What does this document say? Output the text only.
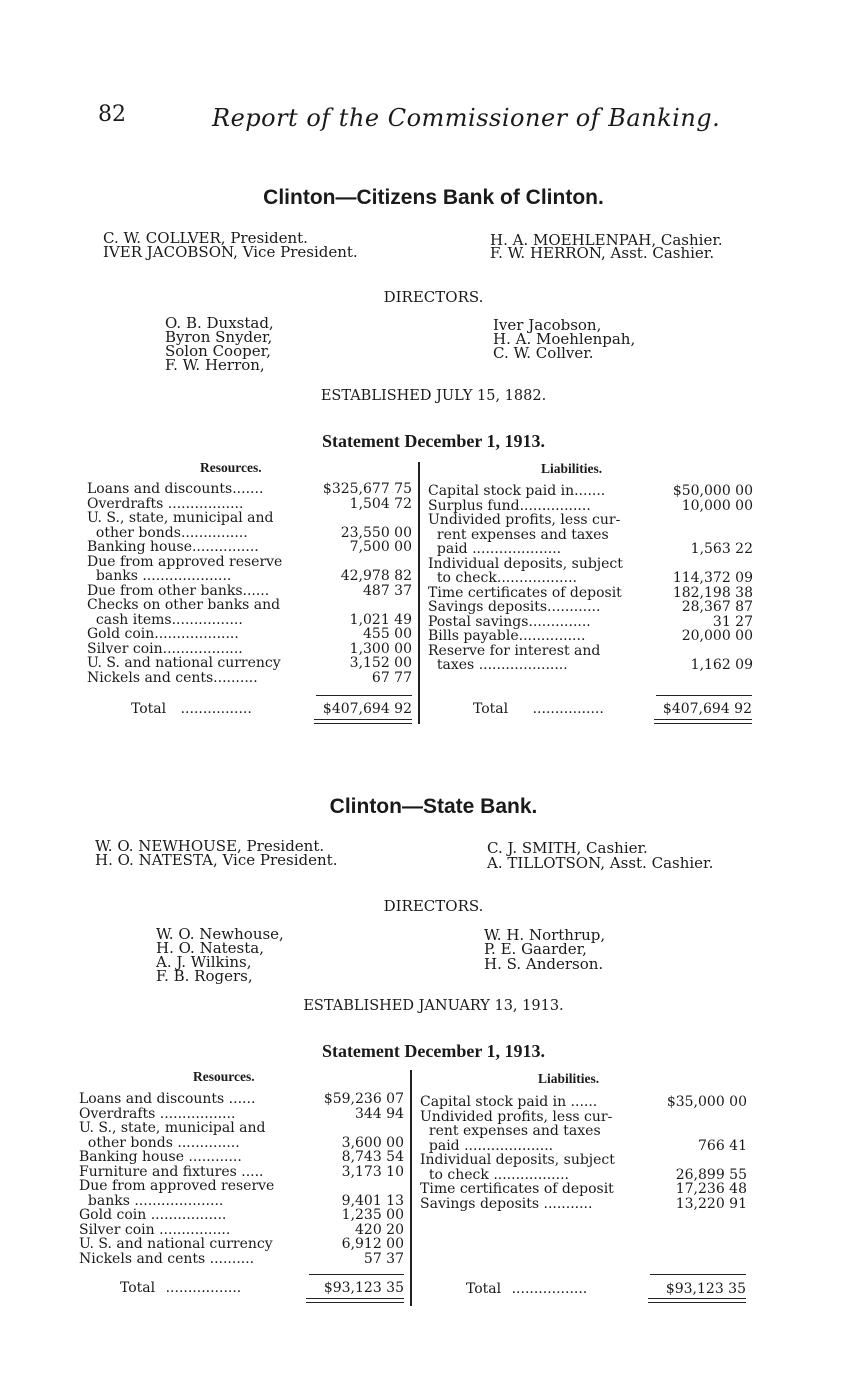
82	Report of the Commissioner of Banking.
Clinton—Citizens Bank of Clinton.
C. W. COLLVER, President.
IVER JACOBSON, Vice President.
H. A. MOEHLENPAH, Cashier.
F. W. HERRON, Asst. Cashier.
DIRECTORS.
O. B. Duxstad,
Byron Snyder,
Solon Cooper,
F. W. Herron,
Iver Jacobson,
H. A. Moehlenpah,
C. W. Collver.
ESTABLISHED JULY 15, 1882.
Statement December 1, 1913.
Resources.	Liabilities.
Loans and discounts.......	$325,677 75
Overdrafts .................	1,504 72
U. S., state, municipal and
other bonds...............	23,550 00
Banking house...............	7,500 00
Due from approved reserve
banks ....................	42,978 82
Due from other banks......	487 37
Checks on other banks and
cash items................	1,021 49
Gold coin...................	455 00
Silver coin..................	1,300 00
U. S. and national currency	3,152 00
Nickels and cents..........	67 77
Capital stock paid in.......	$50,000 00
Surplus fund................	10,000 00
Undivided profits, less cur-
rent expenses and taxes
paid ....................	1,563 22
Individual deposits, subject
to check..................	114,372 09
Time certificates of deposit	182,198 38
Savings deposits............	28,367 87
Postal savings..............	31 27
Bills payable...............	20,000 00
Reserve for interest and
taxes ....................	1,162 09
Total ................	$407,694 92	Total ................	$407,694 92
Clinton—State Bank.
W. O. NEWHOUSE, President.
H. O. NATESTA, Vice President.
C. J. SMITH, Cashier.
A. TILLOTSON, Asst. Cashier.
DIRECTORS.
W. O. Newhouse,
H. O. Natesta,
A. J. Wilkins,
F. B. Rogers,
W. H. Northrup,
P. E. Gaarder,
H. S. Anderson.
ESTABLISHED JANUARY 13, 1913.
Statement December 1, 1913.
Resources.	Liabilities.
Loans and discounts ......	$59,236 07
Overdrafts .................	344 94
U. S., state, municipal and
other bonds ..............	3,600 00
Banking house ............	8,743 54
Furniture and fixtures .....	3,173 10
Due from approved reserve
banks ....................	9,401 13
Gold coin .................	1,235 00
Silver coin ................	420 20
U. S. and national currency	6,912 00
Nickels and cents ..........	57 37
Capital stock paid in ......	$35,000 00
Undivided profits, less cur-
rent expenses and taxes
paid ....................	766 41
Individual deposits, subject
to check .................	26,899 55
Time certificates of deposit	17,236 48
Savings deposits ...........	13,220 91
Total .................	$93,123 35	Total .................	$93,123 35
